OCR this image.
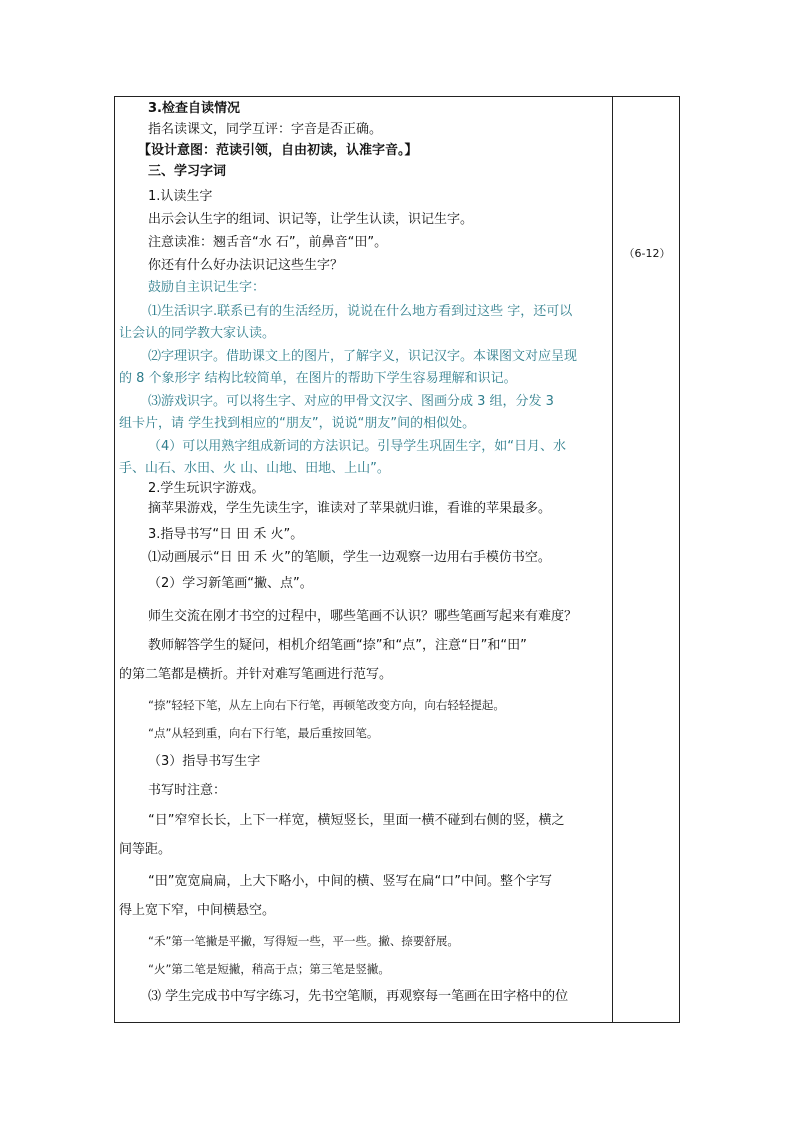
3.检查自读情况
指名读课文，同学互评：字音是否正确。
【设计意图：范读引领，自由初读，认准字音。】
三、学习字词
1.认读生字
出示会认生字的组词、识记等，让学生认读，识记生字。
注意读准：翘舌音“水 石”，前鼻音“田”。
你还有什么好办法识记这些生字？
鼓励自主识记生字：
⑴生活识字.联系已有的生活经历，说说在什么地方看到过这些 字，还可以
让会认的同学教大家认读。
⑵字理识字。借助课文上的图片，了解字义，识记汉字。本课图文对应呈现
的 8 个象形字 结构比较简单，在图片的帮助下学生容易理解和识记。
⑶游戏识字。可以将生字、对应的甲骨文汉字、图画分成 3 组，分发 3
组卡片，请 学生找到相应的“朋友”，说说“朋友”间的相似处。
（4）可以用熟字组成新词的方法识记。引导学生巩固生字，如“日月、水
手、山石、水田、火 山、山地、田地、上山”。
2.学生玩识字游戏。
摘苹果游戏，学生先读生字，谁读对了苹果就归谁，看谁的苹果最多。
3.指导书写“日 田 禾 火”。
⑴动画展示“日 田 禾 火”的笔顺，学生一边观察一边用右手模仿书空。
（2）学习新笔画“撇、点”。
师生交流在刚才书空的过程中，哪些笔画不认识？哪些笔画写起来有难度？
教师解答学生的疑问，相机介绍笔画“捺”和“点”，注意“日”和“田”
的第二笔都是横折。并针对难写笔画进行范写。
“捺”轻轻下笔，从左上向右下行笔，再顿笔改变方向，向右轻轻提起。
“点”从轻到重，向右下行笔，最后重按回笔。
（3）指导书写生字
书写时注意：
“日”窄窄长长，上下一样宽，横短竖长，里面一横不碰到右侧的竖，横之
间等距。
“田”宽宽扁扁，上大下略小，中间的横、竖写在扁“口”中间。整个字写
得上宽下窄，中间横悬空。
“禾”第一笔撇是平撇，写得短一些，平一些。撇、捺要舒展。
“火”第二笔是短撇，稍高于点；第三笔是竖撇。
⑶ 学生完成书中写字练习，先书空笔顺，再观察每一笔画在田字格中的位
（6-12）
